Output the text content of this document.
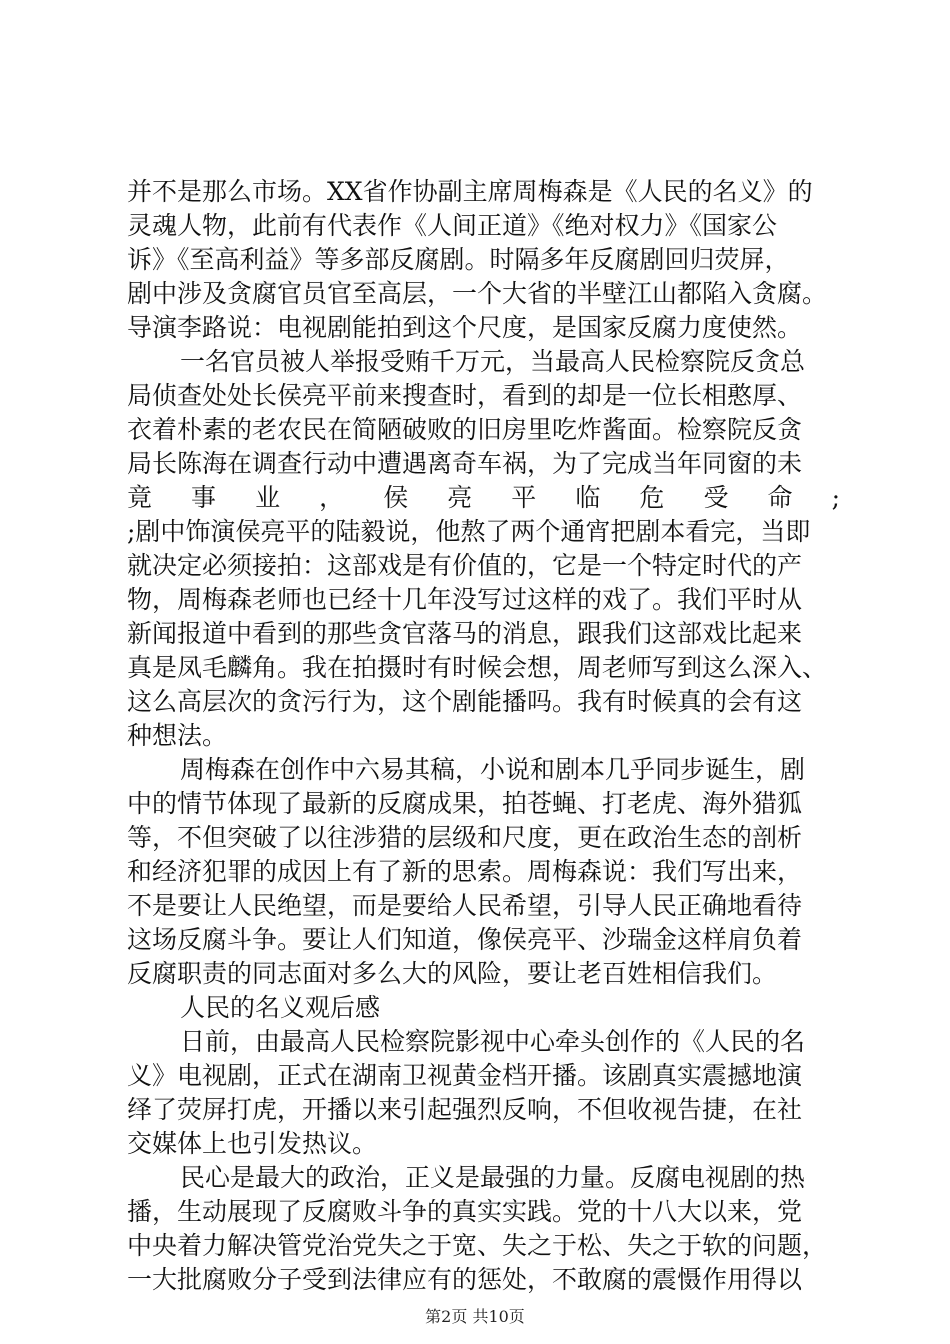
并不是那么市场。XX省作协副主席周梅森是《人民的名义》的
灵魂人物，此前有代表作《人间正道》《绝对权力》《国家公
诉》《至高利益》等多部反腐剧。时隔多年反腐剧回归荧屏，
剧中涉及贪腐官员官至高层，一个大省的半壁江山都陷入贪腐。
导演李路说：电视剧能拍到这个尺度，是国家反腐力度使然。
一名官员被人举报受贿千万元，当最高人民检察院反贪总
局侦查处处长侯亮平前来搜查时，看到的却是一位长相憨厚、
衣着朴素的老农民在简陋破败的旧房里吃炸酱面。检察院反贪
局长陈海在调查行动中遭遇离奇车祸，为了完成当年同窗的未
竟 事 业 ， 侯 亮 平 临 危 受 命 ;
;剧中饰演侯亮平的陆毅说，他熬了两个通宵把剧本看完，当即
就决定必须接拍：这部戏是有价值的，它是一个特定时代的产
物，周梅森老师也已经十几年没写过这样的戏了。我们平时从
新闻报道中看到的那些贪官落马的消息，跟我们这部戏比起来
真是凤毛麟角。我在拍摄时有时候会想，周老师写到这么深入、
这么高层次的贪污行为，这个剧能播吗。我有时候真的会有这
种想法。
周梅森在创作中六易其稿，小说和剧本几乎同步诞生，剧
中的情节体现了最新的反腐成果，拍苍蝇、打老虎、海外猎狐
等，不但突破了以往涉猎的层级和尺度，更在政治生态的剖析
和经济犯罪的成因上有了新的思索。周梅森说：我们写出来，
不是要让人民绝望，而是要给人民希望，引导人民正确地看待
这场反腐斗争。要让人们知道，像侯亮平、沙瑞金这样肩负着
反腐职责的同志面对多么大的风险，要让老百姓相信我们。
人民的名义观后感
日前，由最高人民检察院影视中心牵头创作的《人民的名
义》电视剧，正式在湖南卫视黄金档开播。该剧真实震撼地演
绎了荧屏打虎，开播以来引起强烈反响，不但收视告捷，在社
交媒体上也引发热议。
民心是最大的政治，正义是最强的力量。反腐电视剧的热
播，生动展现了反腐败斗争的真实实践。党的十八大以来，党
中央着力解决管党治党失之于宽、失之于松、失之于软的问题，
一大批腐败分子受到法律应有的惩处，不敢腐的震慑作用得以
第2页 共10页
